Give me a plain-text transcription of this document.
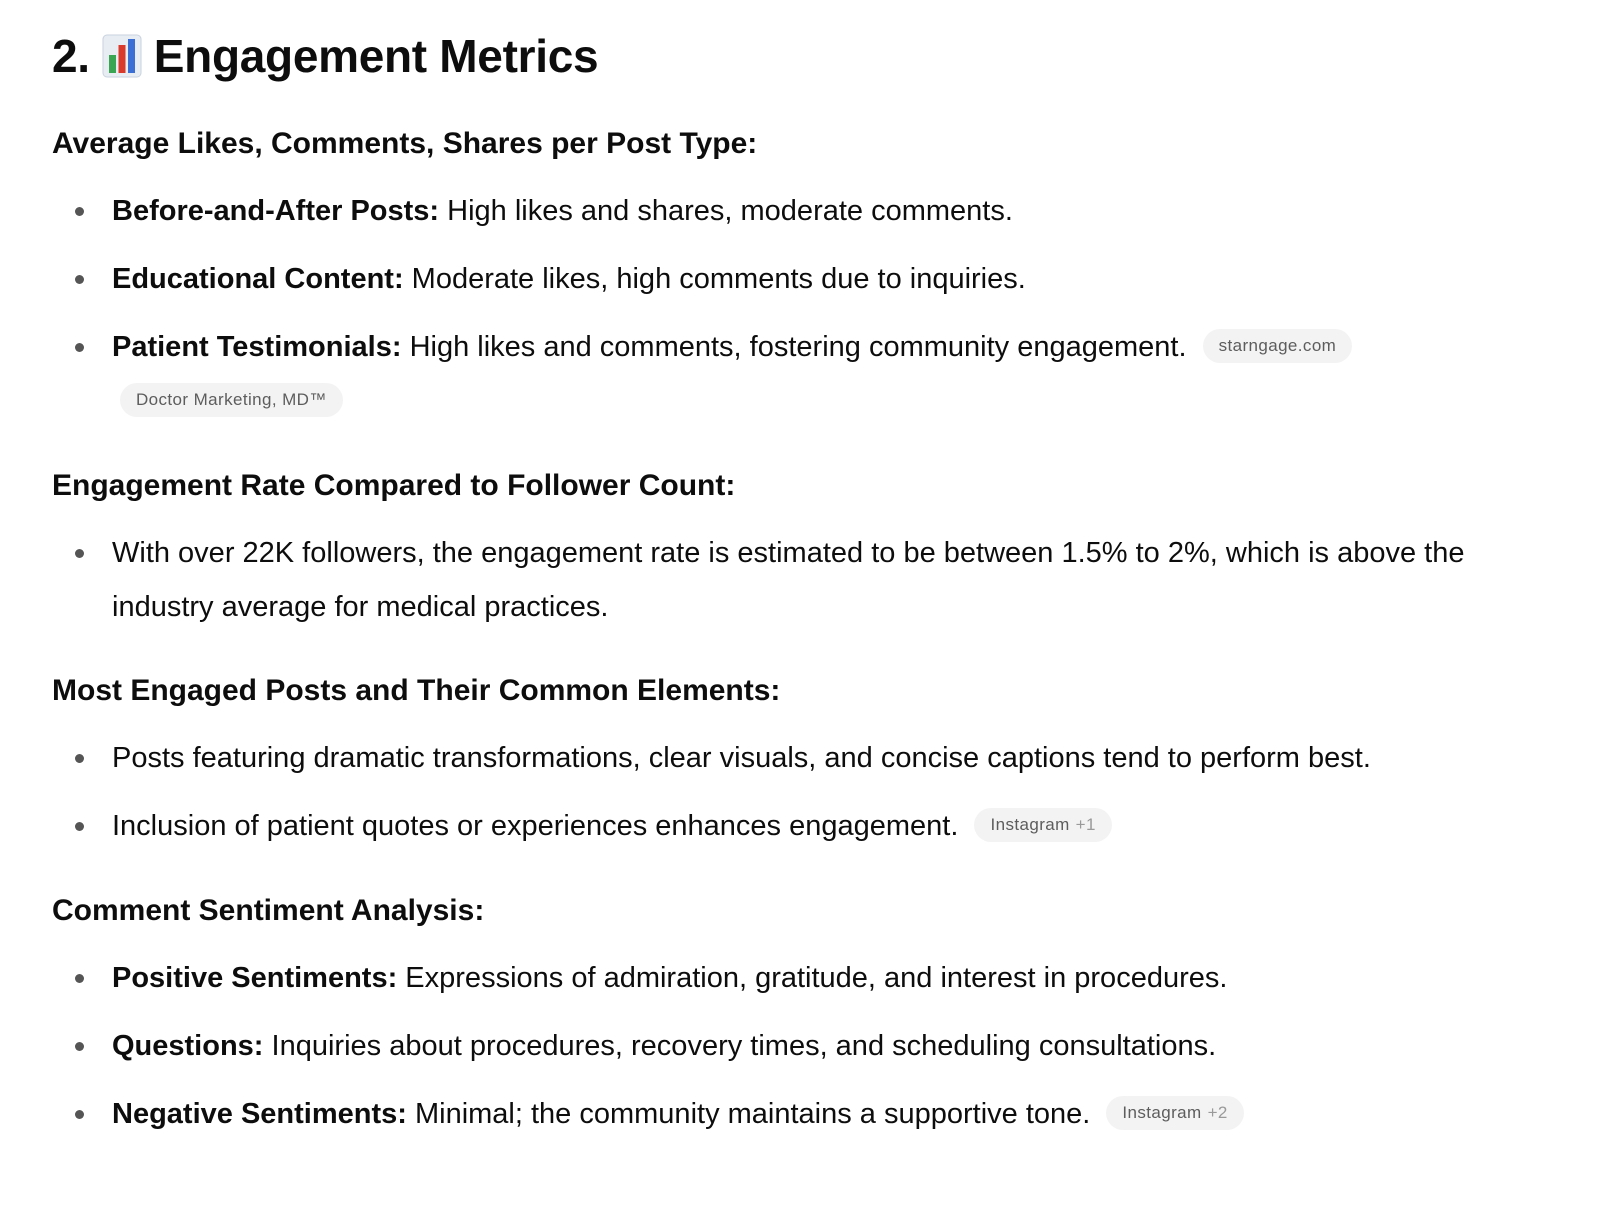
2. Engagement Metrics
Average Likes, Comments, Shares per Post Type:
Before-and-After Posts: High likes and shares, moderate comments.
Educational Content: Moderate likes, high comments due to inquiries.
Patient Testimonials: High likes and comments, fostering community engagement. starngage.com
Doctor Marketing, MD™
Engagement Rate Compared to Follower Count:
With over 22K followers, the engagement rate is estimated to be between 1.5% to 2%, which is above the industry average for medical practices.
Most Engaged Posts and Their Common Elements:
Posts featuring dramatic transformations, clear visuals, and concise captions tend to perform best.
Inclusion of patient quotes or experiences enhances engagement. Instagram +1
Comment Sentiment Analysis:
Positive Sentiments: Expressions of admiration, gratitude, and interest in procedures.
Questions: Inquiries about procedures, recovery times, and scheduling consultations.
Negative Sentiments: Minimal; the community maintains a supportive tone. Instagram +2
